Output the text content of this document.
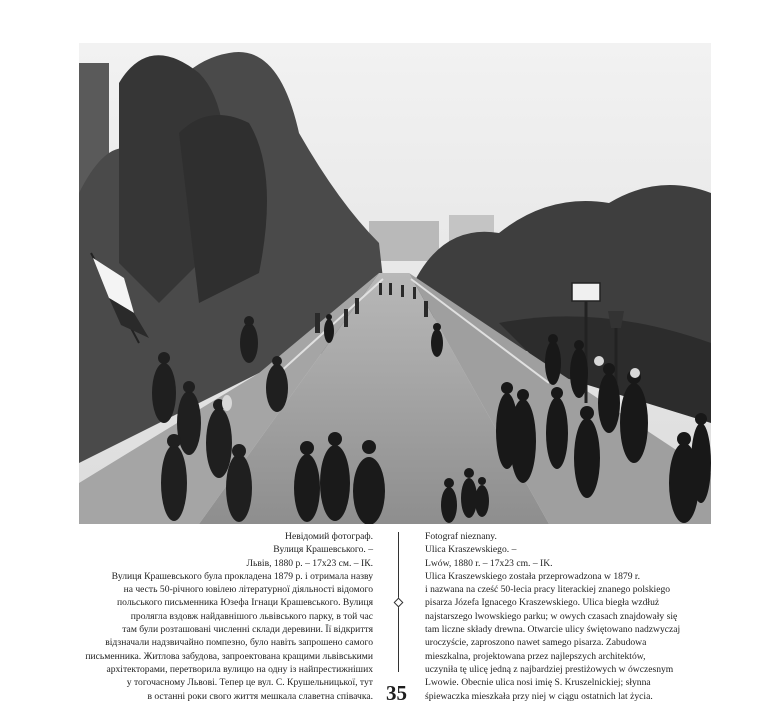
Невідомий фотограф.
Вулиця Крашевського. –
Львів, 1880 р. – 17x23 см. – ІК.
Вулиця Крашевського була прокладена 1879 р. і отримала назву
на честь 50-річного ювілею літературної діяльності відомого
польського письменника Юзефа Ігнаци Крашевського. Вулиця
пролягла вздовж найдавнішого львівського парку, в той час
там були розташовані численні склади деревини. Її відкриття
відзначали надзвичайно помпезно, було навіть запрошено самого
письменника. Житлова забудова, запроектована кращими львівськими
архітекторами, перетворила вулицю на одну із найпрестижніших
у тогочасному Львові. Тепер це вул. С. Крушельницької, тут
в останні роки свого життя мешкала славетна співачка.
Fotograf nieznany.
Ulica Kraszewskiego. –
Lwów, 1880 r. – 17x23 cm. – IK.
Ulica Kraszewskiego została przeprowadzona w 1879 r.
i nazwana na cześć 50-lecia pracy literackiej znanego polskiego
pisarza Józefa Ignacego Kraszewskiego. Ulica biegła wzdłuż
najstarszego lwowskiego parku; w owych czasach znajdowały się
tam liczne składy drewna. Otwarcie ulicy świętowano nadzwyczaj
uroczyście, zaproszono nawet samego pisarza. Zabudowa
mieszkalna, projektowana przez najlepszych architektów,
uczyniła tę ulicę jedną z najbardziej prestiżowych w ówczesnym
Lwowie. Obecnie ulica nosi imię S. Kruszelnickiej; słynna
śpiewaczka mieszkała przy niej w ciągu ostatnich lat życia.
35
